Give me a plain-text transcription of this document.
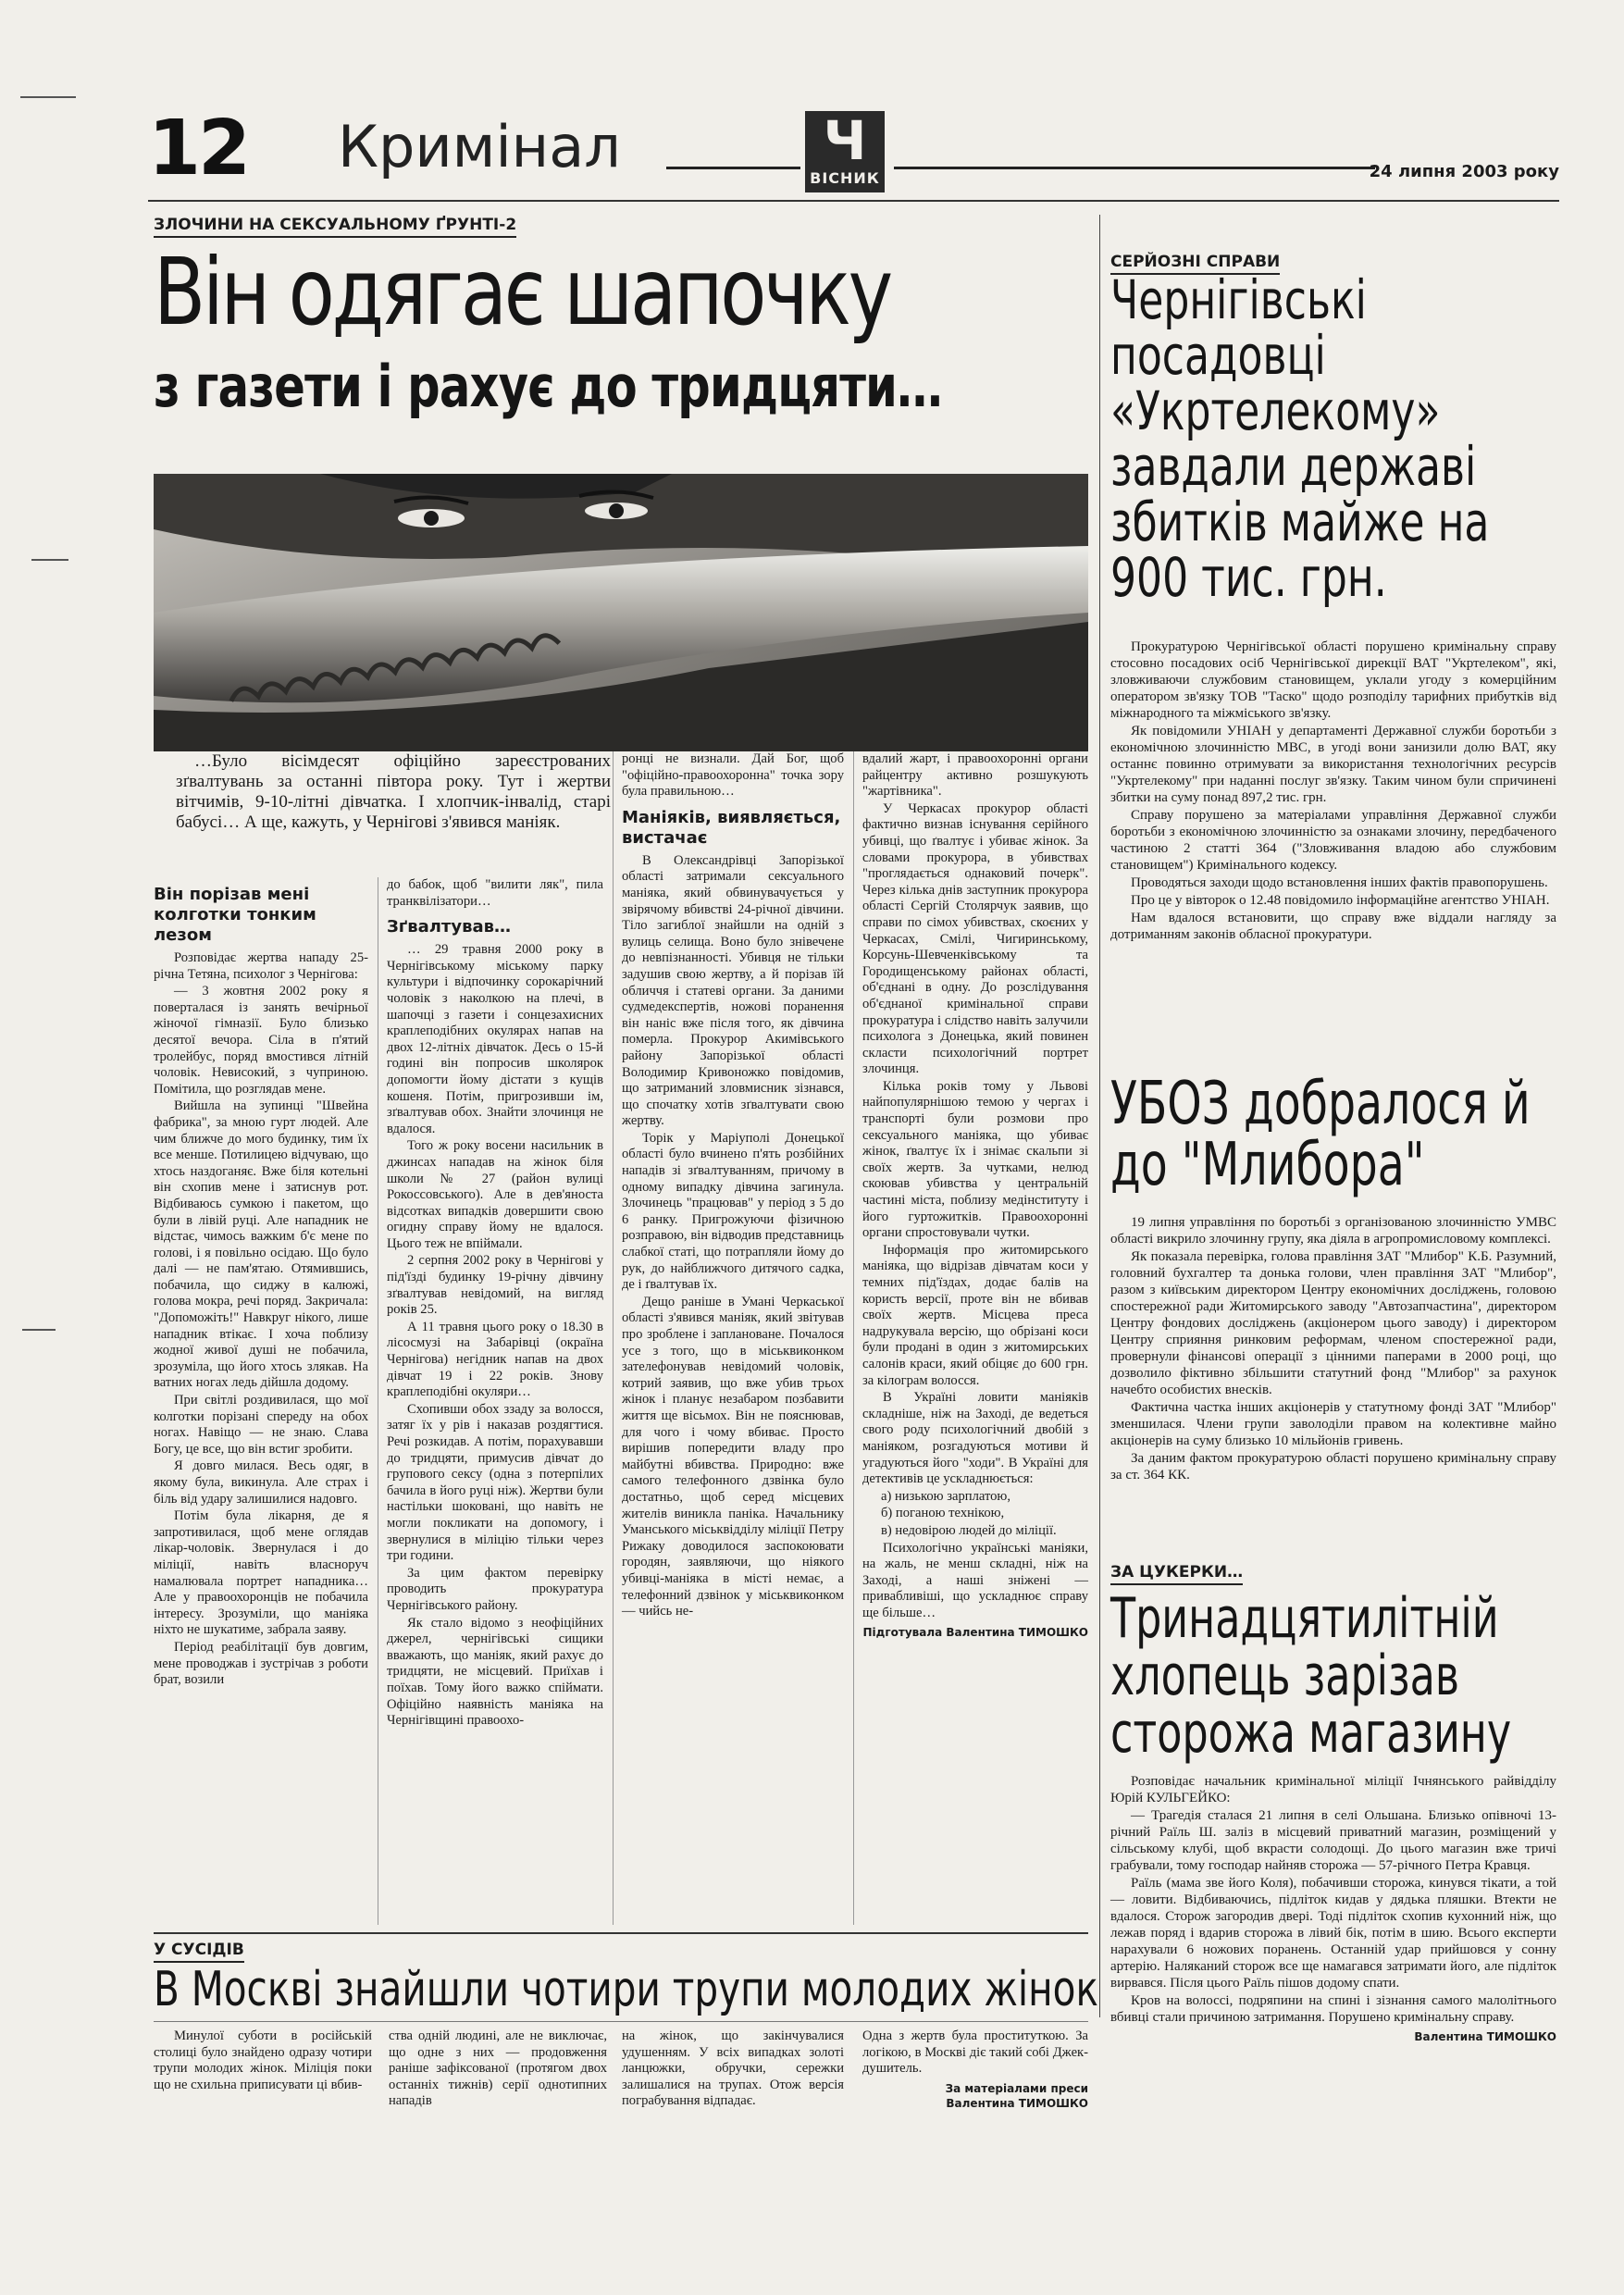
12 Кримінал	Ч
ВІСНИК	24 липня 2003 року
ЗЛОЧИНИ НА СЕКСУАЛЬНОМУ ҐРУНТІ-2
Він одягає шапочку
з газети і рахує до тридцяти…

…Було вісімдесят офіційно зареєстрованих зґвалтувань за останні півтора року. Тут і жертви вітчимів, 9-10-літні дівчатка. І хлопчик-інвалід, старі бабусі… А ще, кажуть, у Чернігові з'явився маніяк.

Він порізав мені колготки тонким лезом

Розповідає жертва нападу 25-річна Тетяна, психолог з Чернігова:

— 3 жовтня 2002 року я поверталася із занять вечірньої жіночої гімназії. Було близько десятої вечора. Сіла в п'ятий тролейбус, поряд вмостився літній чоловік. Невисокий, з чуприною. Помітила, що розглядав мене.

Вийшла на зупинці "Швейна фабрика", за мною гурт людей. Але чим ближче до мого будинку, тим їх все менше. Потилицею відчуваю, що хтось наздоганяє. Вже біля котельні він схопив мене і затиснув рот. Відбиваюсь сумкою і пакетом, що були в лівій руці. Але нападник не відстає, чимось важким б'є мене по голові, і я повільно осідаю. Що було далі — не пам'ятаю. Отямившись, побачила, що сиджу в калюжі, голова мокра, речі поряд. Закричала: "Допоможіть!" Навкруг нікого, лише нападник втікає. І хоча поблизу жодної живої душі не побачила, зрозуміла, що його хтось злякав. На ватних ногах ледь дійшла додому.

При світлі роздивилася, що мої колготки порізані спереду на обох ногах. Навіщо — не знаю. Слава Богу, це все, що він встиг зробити.

Я довго милася. Весь одяг, в якому була, викинула. Але страх і біль від удару залишилися надовго.

Потім була лікарня, де я запротивилася, щоб мене оглядав лікар-чоловік. Звернулася і до міліції, навіть власноруч намалювала портрет нападника… Але у правоохоронців не побачила інтересу. Зрозуміли, що маніяка ніхто не шукатиме, забрала заяву.

Період реабілітації був довгим, мене проводжав і зустрічав з роботи брат, возили

до бабок, щоб "вилити ляк", пила транквілізатори…

Зґвалтував…

… 29 травня 2000 року в Чернігівському міському парку культури і відпочинку сорокарічний чоловік з наколкою на плечі, в шапочці з газети і сонцезахисних краплеподібних окулярах напав на двох 12-літніх дівчаток. Десь о 15-й годині він попросив школярок допомогти йому дістати з кущів кошеня. Потім, пригрозивши ім, зґвалтував обох. Знайти злочинця не вдалося.

Того ж року восени насильник в джинсах нападав на жінок біля школи № 27 (район вулиці Рокоссовського). Але в дев'яноста відсотках випадків довершити свою огидну справу йому не вдалося. Цього теж не впіймали.

2 серпня 2002 року в Чернігові у під'їзді будинку 19-річну дівчину зґвалтував невідомий, на вигляд років 25.

А 11 травня цього року о 18.30 в лісосмузі на Забарівці (окраїна Чернігова) негідник напав на двох дівчат 19 і 22 років. Знову краплеподібні окуляри…

Схопивши обох ззаду за волосся, затяг їх у рів і наказав роздягтися. Речі розкидав. А потім, порахувавши до тридцяти, примусив дівчат до групового сексу (одна з потерпілих бачила в його руці ніж). Жертви були настільки шоковані, що навіть не могли покликати на допомогу, і звернулися в міліцію тільки через три години.

За цим фактом перевірку проводить прокуратура Чернігівського району.

Як стало відомо з неофіційних джерел, чернігівські сищики вважають, що маніяк, який рахує до тридцяти, не місцевий. Приїхав і поїхав. Тому його важко спіймати. Офіційно наявність маніяка на Чернігівщині правоохо-

ронці не визнали. Дай Бог, щоб "офіційно-правоохоронна" точка зору була правильною…

Маніяків, виявляється, вистачає

В Олександрівці Запорізької області затримали сексуального маніяка, який обвинувачується у звірячому вбивстві 24-річної дівчини. Тіло загиблої знайшли на одній з вулиць селища. Воно було знівечене до невпізнанності. Убивця не тільки задушив свою жертву, а й порізав їй обличчя і статеві органи. За даними судмедекспертів, ножові поранення він наніс вже після того, як дівчина померла. Прокурор Акимівського району Запорізької області Володимир Кривоножко повідомив, що затриманий зловмисник зізнався, що спочатку хотів зґвалтувати свою жертву.

Торік у Маріуполі Донецької області було вчинено п'ять розбійних нападів зі зґвалтуванням, причому в одному випадку дівчина загинула. Злочинець "працював" у період з 5 до 6 ранку. Пригрожуючи фізичною розправою, він відводив представниць слабкої статі, що потрапляли йому до рук, до найближчого дитячого садка, де і ґвалтував їх.

Дещо раніше в Умані Черкаської області з'явився маніяк, який звітував про зроблене і заплановане. Почалося усе з того, що в міськвиконком зателефонував невідомий чоловік, котрий заявив, що вже убив трьох жінок і планує незабаром позбавити життя ще вісьмох. Він не пояснював, для чого і чому вбиває. Просто вирішив попередити владу про майбутні вбивства. Природно: вже самого телефонного дзвінка було достатньо, щоб серед місцевих жителів виникла паніка. Начальнику Уманського міськвідділу міліції Петру Рижаку доводилося заспокоювати городян, заявляючи, що ніякого убивці-маніяка в місті немає, а телефонний дзвінок у міськвиконком — чийсь не-

вдалий жарт, і правоохоронні органи райцентру активно розшукують "жартівника".

У Черкасах прокурор області фактично визнав існування серійного убивці, що ґвалтує і убиває жінок. За словами прокурора, в убивствах "проглядається однаковий почерк". Через кілька днів заступник прокурора області Сергій Столярчук заявив, що справи по сімох убивствах, скоєних у Черкасах, Смілі, Чигиринському, Корсунь-Шевченківському та Городищенському районах області, об'єднані в одну. До розслідування об'єднаної кримінальної справи прокуратура і слідство навіть залучили психолога з Донецька, який повинен скласти психологічний портрет злочинця.

Кілька років тому у Львові найпопулярнішою темою у чергах і транспорті були розмови про сексуального маніяка, що убиває жінок, ґвалтує їх і знімає скальпи зі своїх жертв. За чутками, нелюд скоював убивства у центральній частині міста, поблизу медінституту і його гуртожитків. Правоохоронні органи спростовували чутки.

Інформація про житомирського маніяка, що відрізав дівчатам коси у темних під'їздах, додає балів на користь версії, проте він не вбивав своїх жертв. Місцева преса надрукувала версію, що обрізані коси були продані в один з житомирських салонів краси, який обіцяє до 600 грн. за кілограм волосся.

В Україні ловити маніяків складніше, ніж на Заході, де ведеться свого роду психологічний двобій з маніяком, розгадуються мотиви й угадуються його "ходи". В Україні для детективів це ускладнюється:

а) низькою зарплатою,

б) поганою технікою,

в) недовірою людей до міліції.

Психологічно українські маніяки, на жаль, не менш складні, ніж на Заході, а наші зніжені — привабливіші, що ускладнює справу ще більше…

Підготувала Валентина ТИМОШКО
СЕРЙОЗНІ СПРАВИ
Чернігівські посадовці «Укртелекому» завдали державі збитків майже на 900 тис. грн.

Прокуратурою Чернігівської області порушено кримінальну справу стосовно посадових осіб Чернігівської дирекції ВАТ "Укртелеком", які, зловживаючи службовим становищем, уклали угоду з комерційним оператором зв'язку ТОВ "Таско" щодо розподілу тарифних прибутків від міжнародного та міжміського зв'язку.

Як повідомили УНІАН у департаменті Державної служби боротьби з економічною злочинністю МВС, в угоді вони занизили долю ВАТ, яку останнє повинно отримувати за використання технологічних ресурсів "Укртелекому" при наданні послуг зв'язку. Таким чином були спричинені збитки на суму понад 897,2 тис. грн.

Справу порушено за матеріалами управління Державної служби боротьби з економічною злочинністю за ознаками злочину, передбаченого частиною 2 статті 364 ("Зловживання владою або службовим становищем") Кримінального кодексу.

Проводяться заходи щодо встановлення інших фактів правопорушень.

Про це у вівторок о 12.48 повідомило інформаційне агентство УНІАН.

Нам вдалося встановити, що справу вже віддали нагляду за дотриманням законів обласної прокуратури.

УБОЗ добралося й до "Млибора"

19 липня управління по боротьбі з організованою злочинністю УМВС області викрило злочинну групу, яка діяла в агропромисловому комплексі.

Як показала перевірка, голова правління ЗАТ "Млибор" К.Б. Разумний, головний бухгалтер та донька голови, член правління ЗАТ "Млибор", разом з київським директором Центру економічних досліджень, головою спостережної ради Житомирського заводу "Автозапчастина", директором Центру фондових досліджень (акціонером цього заводу) і директором Центру сприяння ринковим реформам, членом спостережної ради, провернули фінансові операції з цінними паперами в 2000 році, що дозволило фіктивно збільшити статутний фонд "Млибор" за рахунок начебто особистих внесків.

Фактична частка інших акціонерів у статутному фонді ЗАТ "Млибор" зменшилася. Члени групи заволоділи правом на колективне майно акціонерів на суму близько 10 мільйонів гривень.

За даним фактом прокуратурою області порушено кримінальну справу за ст. 364 КК.

ЗА ЦУКЕРКИ…
Тринадцятилітній хлопець зарізав сторожа магазину

Розповідає начальник кримінальної міліції Ічнянського райвідділу Юрій КУЛЬГЕЙКО:

— Трагедія сталася 21 липня в селі Ольшана. Близько опівночі 13-річний Раїль Ш. заліз в місцевий приватний магазин, розміщений у сільському клубі, щоб вкрасти солодощі. До цього магазин вже тричі грабували, тому господар найняв сторожа — 57-річного Петра Кравця.

Раїль (мама зве його Коля), побачивши сторожа, кинувся тікати, а той — ловити. Відбиваючись, підліток кидав у дядька пляшки. Втекти не вдалося. Сторож загородив двері. Тоді підліток схопив кухонний ніж, що лежав поряд і вдарив сторожа в лівий бік, потім в шию. Всього експерти нарахували 6 ножових поранень. Останній удар прийшовся у сонну артерію. Наляканий сторож все ще намагався затримати його, але підліток вирвався. Після цього Раїль пішов додому спати.

Кров на волоссі, подряпини на спині і зізнання самого малолітнього вбивці стали причиною затримання. Порушено кримінальну справу.

Валентина ТИМОШКО
У СУСІДІВ
В Москві знайшли чотири трупи молодих жінок

Минулої суботи в російській столиці було знайдено одразу чотири трупи молодих жінок. Міліція поки що не схильна приписувати ці вбив-

ства одній людині, але не виключає, що одне з них — продовження раніше зафіксованої (протягом двох останніх тижнів) серії однотипних нападів

на жінок, що закінчувалися удушенням. У всіх випадках золоті ланцюжки, обручки, сережки залишалися на трупах. Отож версія пограбування відпадає.

Одна з жертв була проституткою. За логікою, в Москві діє такий собі Джек-душитель.

За матеріалами преси
Валентина ТИМОШКО
